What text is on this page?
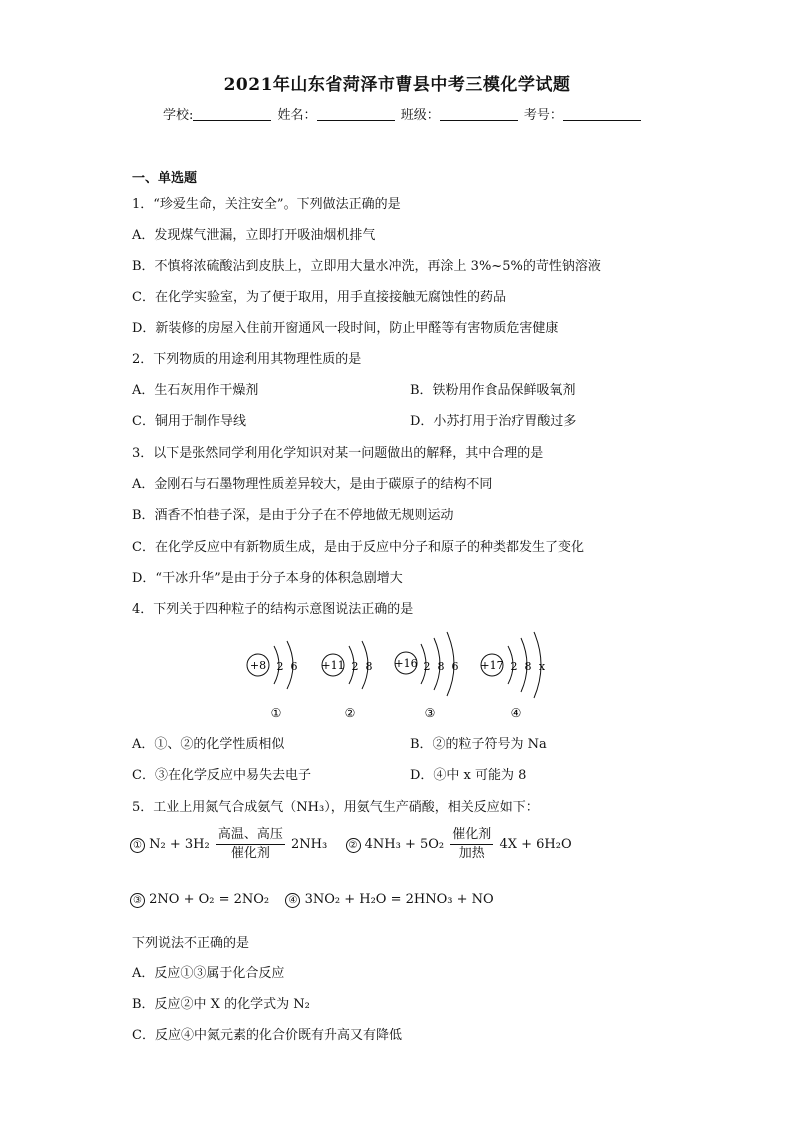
2021年山东省菏泽市曹县中考三模化学试题
学校:	姓名：	班级：	考号：
一、单选题
1．“珍爱生命，关注安全”。下列做法正确的是
A．发现煤气泄漏，立即打开吸油烟机排气
B．不慎将浓硫酸沾到皮肤上，立即用大量水冲洗，再涂上 3%~5%的苛性钠溶液
C．在化学实验室，为了便于取用，用手直接接触无腐蚀性的药品
D．新装修的房屋入住前开窗通风一段时间，防止甲醛等有害物质危害健康
2．下列物质的用途利用其物理性质的是
A．生石灰用作干燥剂	B．铁粉用作食品保鲜吸氧剂
C．铜用于制作导线	D．小苏打用于治疗胃酸过多
3．以下是张然同学利用化学知识对某一问题做出的解释，其中合理的是
A．金刚石与石墨物理性质差异较大，是由于碳原子的结构不同
B．酒香不怕巷子深，是由于分子在不停地做无规则运动
C．在化学反应中有新物质生成，是由于反应中分子和原子的种类都发生了变化
D．“干冰升华”是由于分子本身的体积急剧增大
4．下列关于四种粒子的结构示意图说法正确的是
+8 2 6
①
+11 2 8
②
+16 2 8 6
③
+17 2 8 x
④
A．①、②的化学性质相似	B．②的粒子符号为 Na
C．③在化学反应中易失去电子	D．④中 x 可能为 8
5．工业上用氮气合成氨气（NH₃），用氨气生产硝酸，相关反应如下：
① $N_2 + 3H_2 \frac{\text{高温、高压}}{\text{催化剂}} 2NH_3$ ② $4NH_3 + 5O_2 \frac{\text{催化剂}}{\text{加热}} 4X + 6H_2O$
③ 2NO + O₂ = 2NO₂ ④ 3NO₂ + H₂O = 2HNO₃ + NO
下列说法不正确的是
A．反应①③属于化合反应
B．反应②中 X 的化学式为 N₂
C．反应④中氮元素的化合价既有升高又有降低
